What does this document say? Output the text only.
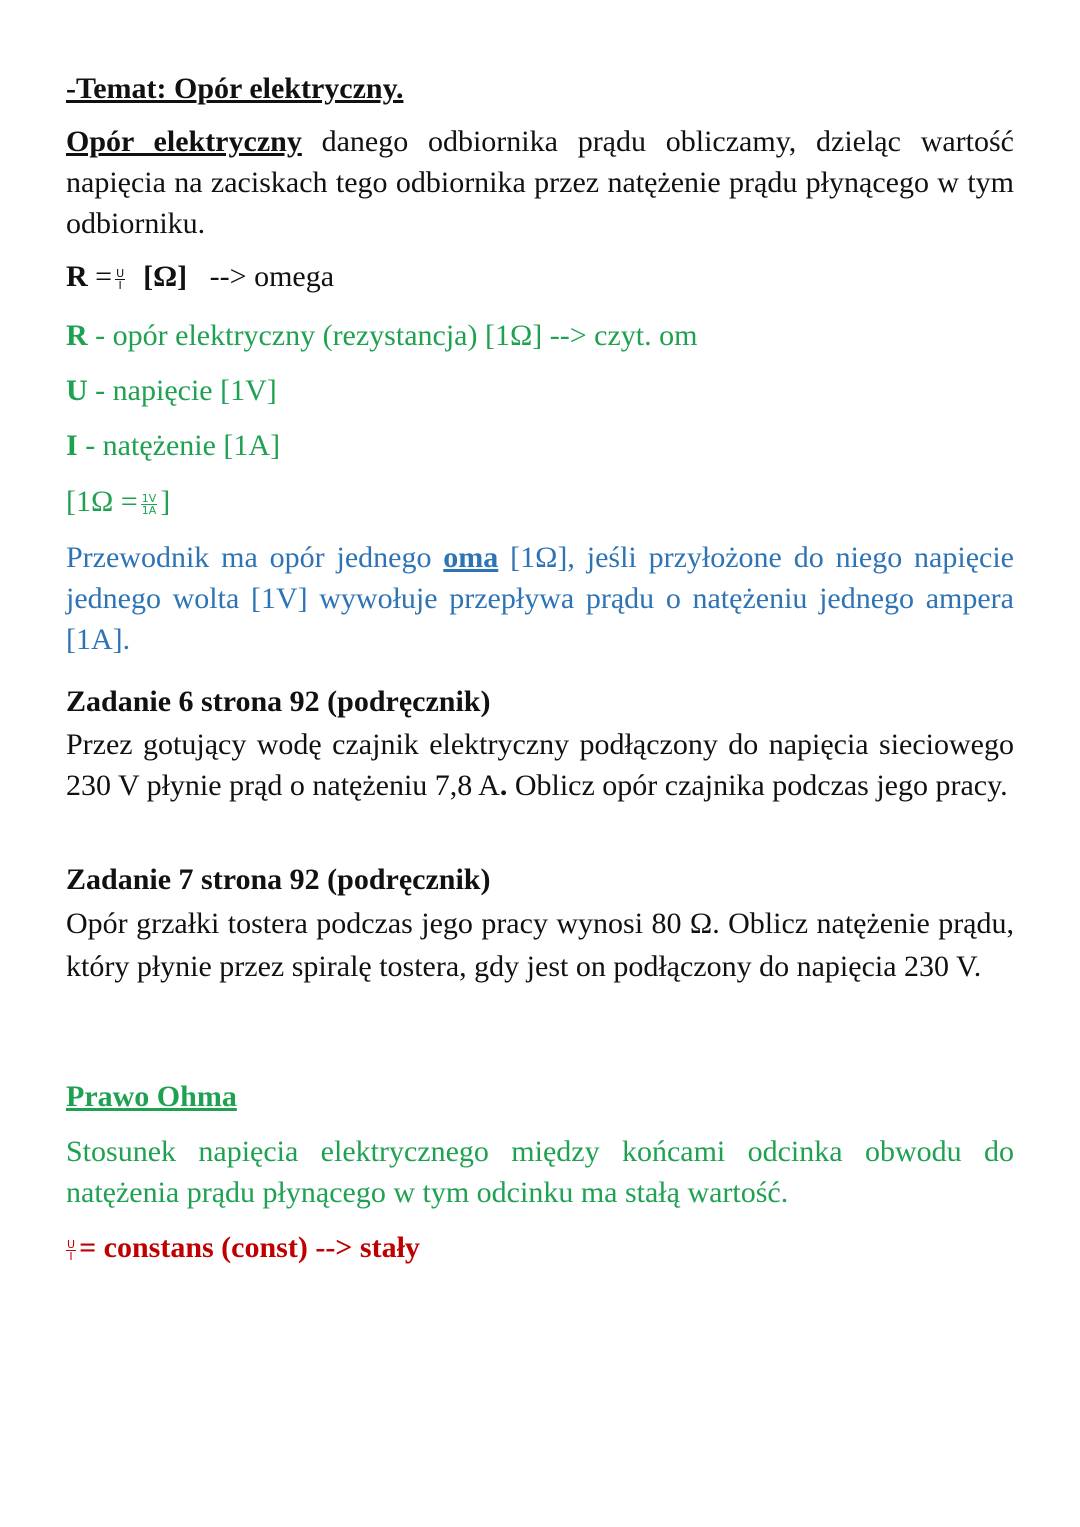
-Temat: Opór elektryczny.
Opór elektryczny danego odbiornika prądu obliczamy, dzieląc wartość napięcia na zaciskach tego odbiornika przez natężenie prądu płynącego w tym odbiorniku.
$R = \frac{U}{I} [\Omega]$ --> omega
R - opór elektryczny (rezystancja) [1Ω] --> czyt. om
U - napięcie [1V]
I - natężenie [1A]
[$1\Omega = \frac{1V}{1A}$ ]
Przewodnik ma opór jednego oma [1Ω], jeśli przyłożone do niego napięcie jednego wolta [1V] wywołuje przepływa prądu o natężeniu jednego ampera [1A].
Zadanie 6 strona 92 (podręcznik)
Przez gotujący wodę czajnik elektryczny podłączony do napięcia sieciowego 230 V płynie prąd o natężeniu 7,8 A. Oblicz opór czajnika podczas jego pracy.
Zadanie 7 strona 92 (podręcznik)
Opór grzałki tostera podczas jego pracy wynosi 80 Ω. Oblicz natężenie prądu, który płynie przez spiralę tostera, gdy jest on podłączony do napięcia 230 V.
Prawo Ohma
Stosunek napięcia elektrycznego między końcami odcinka obwodu do natężenia prądu płynącego w tym odcinku ma stałą wartość.
$\frac{U}{I}$ = constans (const) --> stały
